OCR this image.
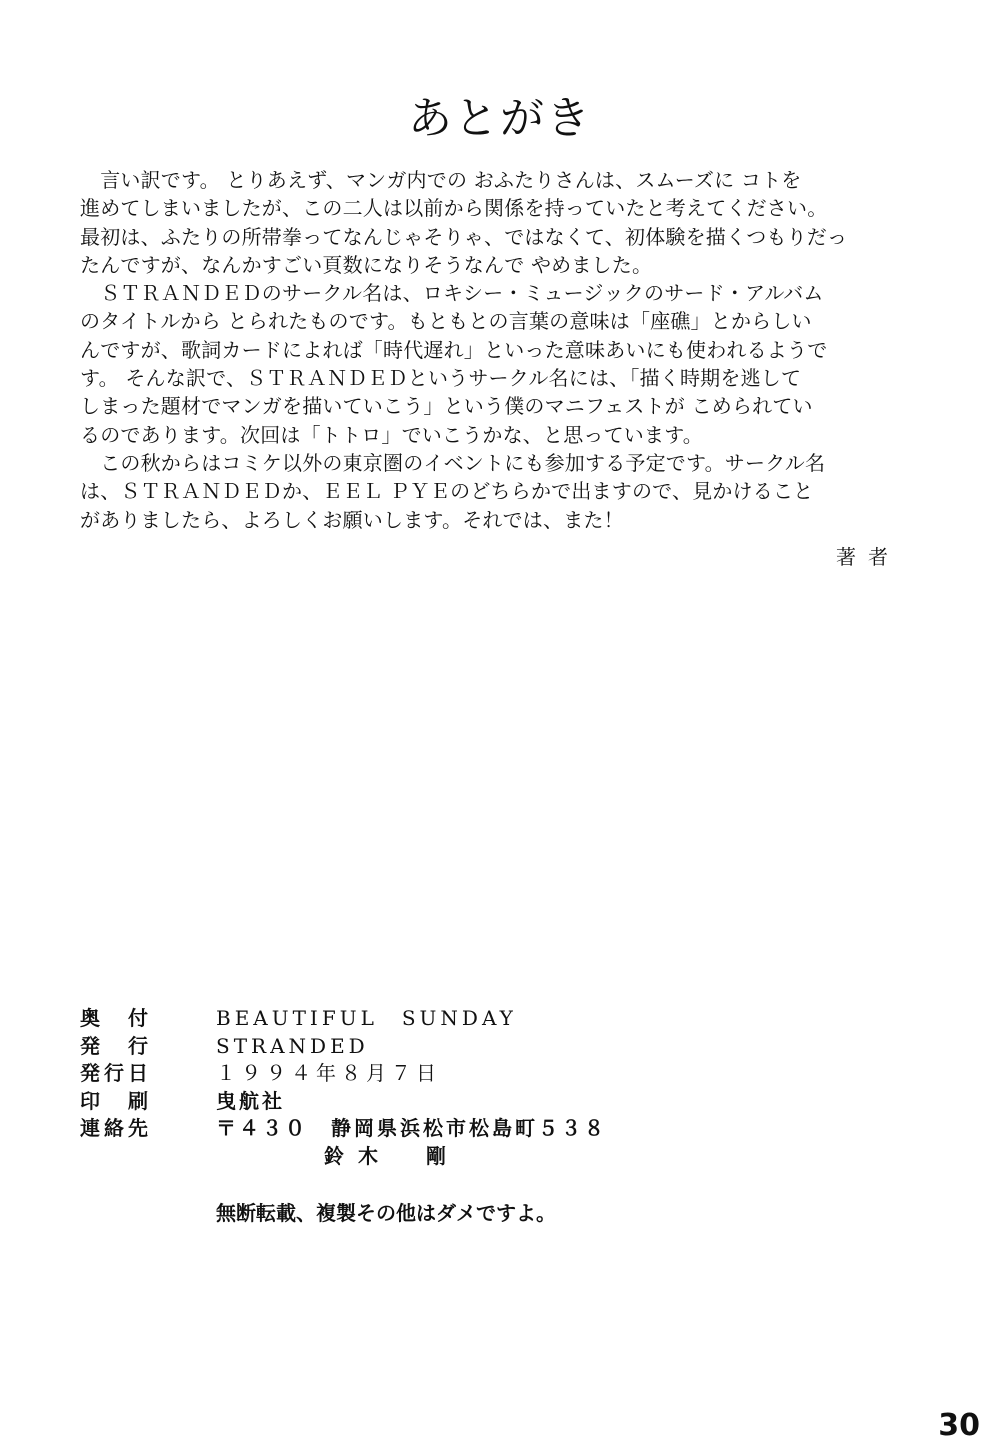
あとがき
　言い訳です。 とりあえず、マンガ内での おふたりさんは、スムーズに コトを
進めてしまいましたが、この二人は以前から関係を持っていたと考えてください。
最初は、ふたりの所帯拳ってなんじゃそりゃ、ではなくて、初体験を描くつもりだっ
たんですが、なんかすごい頁数になりそうなんで やめました。
　ＳＴＲＡＮＤＥＤのサークル名は、ロキシー・ミュージックのサード・アルバム
のタイトルから とられたものです。もともとの言葉の意味は「座礁」とからしい
んですが、歌詞カードによれば「時代遅れ」といった意味あいにも使われるようで
す。 そんな訳で、ＳＴＲＡＮＤＥＤというサークル名には、「描く時期を逃して
しまった題材でマンガを描いていこう」という僕のマニフェストが こめられてい
るのであります。次回は「トトロ」でいこうかな、と思っています。
　この秋からはコミケ以外の東京圏のイベントにも参加する予定です。サークル名
は、ＳＴＲＡＮＤＥＤか、ＥＥＬ ＰＹＥのどちらかで出ますので、見かけること
がありましたら、よろしくお願いします。それでは、また！
著者
奥付	BEAUTIFUL　SUNDAY
発行	STRANDED
発行日	１９９４年８月７日
印刷	曳航社
連絡先	〒４３０　静岡県浜松市松島町５３８
鈴木　剛
無断転載、複製その他はダメですよ。
30
